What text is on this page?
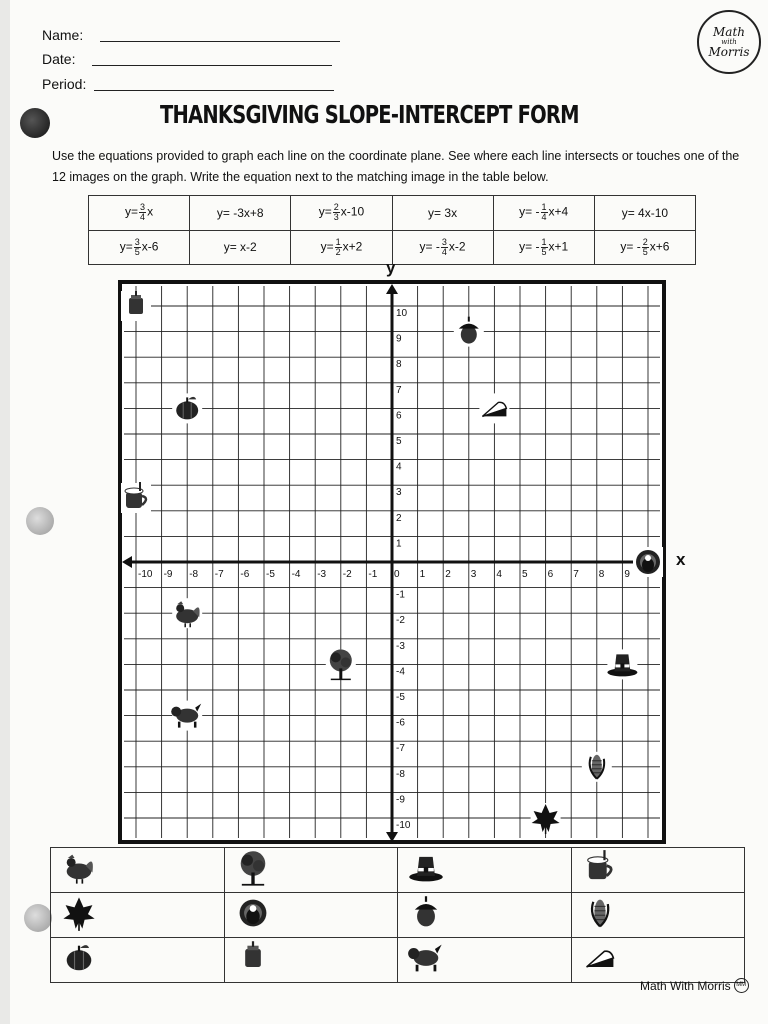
Name:
Date:
Period:
Math
with
Morris
THANKSGIVING SLOPE-INTERCEPT FORM
Use the equations provided to graph each line on the coordinate plane. See where each line intersects or touches one of the 12 images on the graph. Write the equation next to the matching image in the table below.
$y= \frac{3}{4}$ x	y= -3x+8	$y= \frac{2}{3} x-10$	y= 3x	$y= - \frac{1}{4} x+4$	y= 4x-10
$y= \frac{3}{5} x-6$	y= x-2	$y= \frac{1}{2} x+2$	$y= - \frac{3}{4} x-2$	$y= - \frac{1}{5} x+1$	$y= - \frac{2}{5} x+6$
y
x
-10 -9 -8 -7 -6 -5 -4 -3 -2 -1 0 1 2 3 4 5 6 7 8 9
10
9
8
7
6
5
4
3
2
1
-1
-2
-3
-4
-5
-6
-7
-8
-9
-10

Math With Morris MM
